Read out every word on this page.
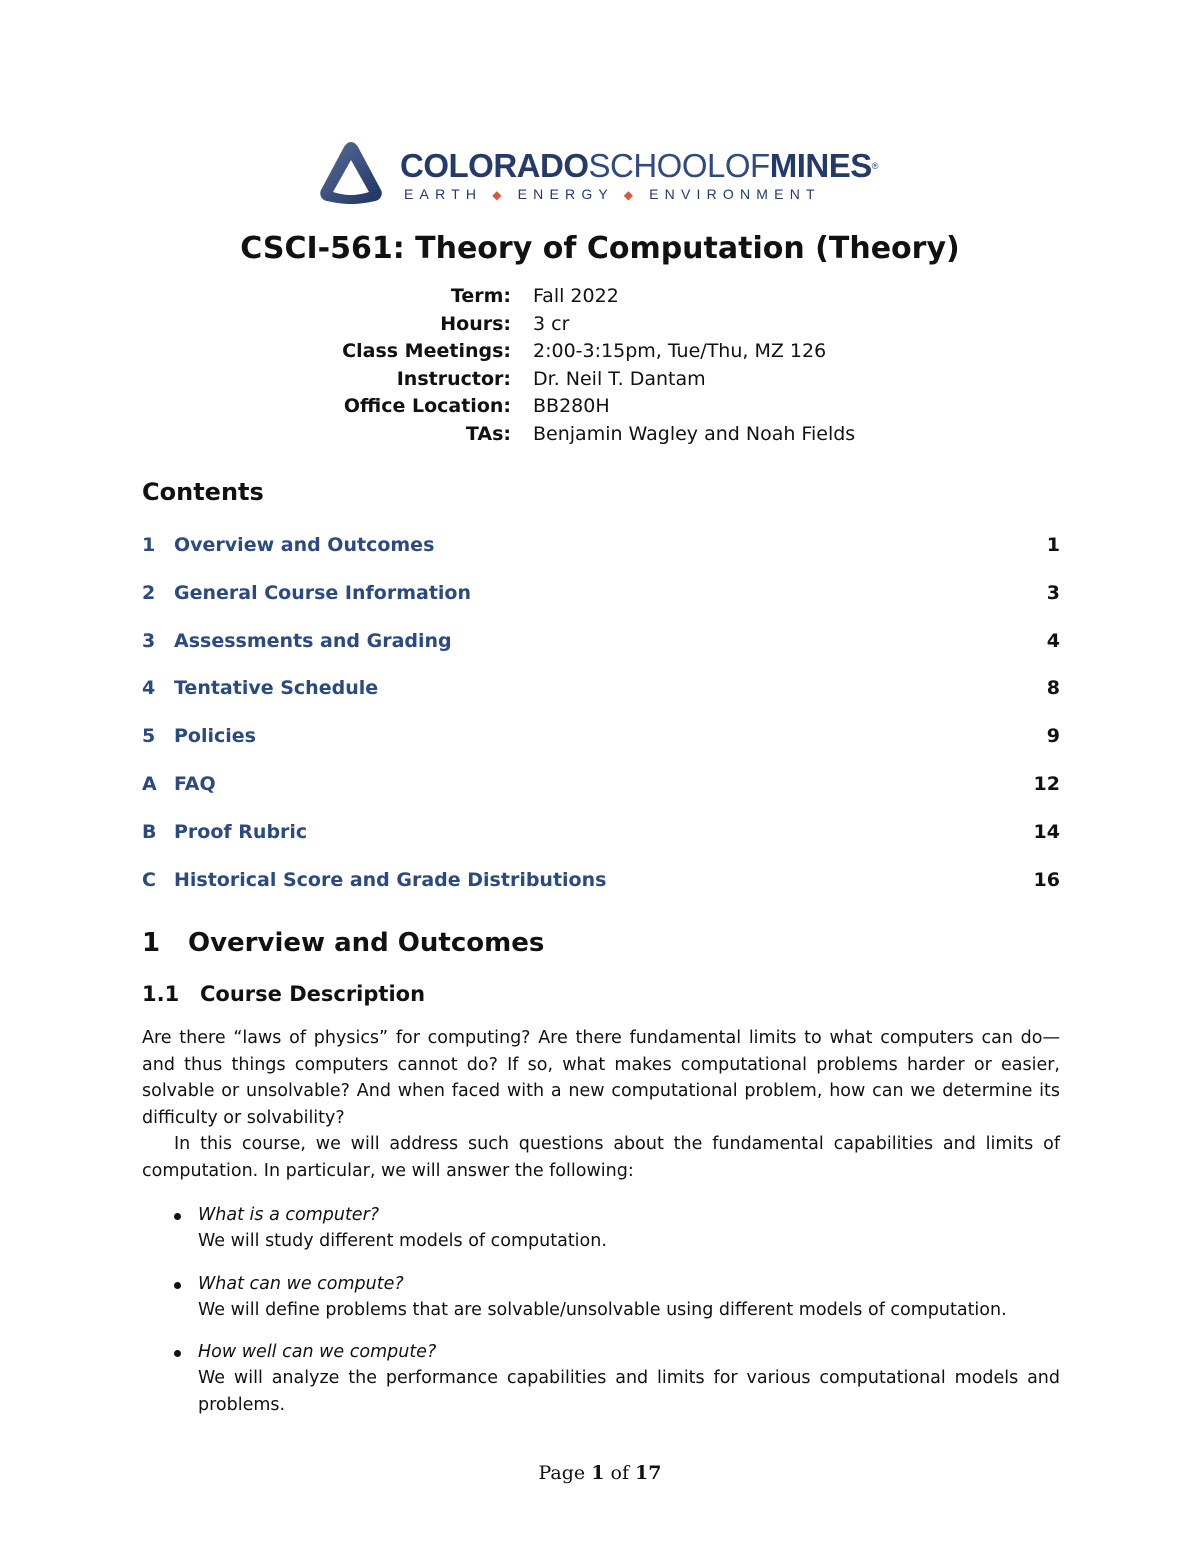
COLORADOSCHOOLOFMINES®
EARTH ◆ ENERGY ◆ ENVIRONMENT
CSCI-561: Theory of Computation (Theory)
Term: Fall 2022
Hours: 3 cr
Class Meetings: 2:00-3:15pm, Tue/Thu, MZ 126
Instructor: Dr. Neil T. Dantam
Office Location: BB280H
TAs: Benjamin Wagley and Noah Fields
Contents
1 Overview and Outcomes	1
2 General Course Information	3
3 Assessments and Grading	4
4 Tentative Schedule	8
5 Policies	9
A FAQ	12
B Proof Rubric	14
C Historical Score and Grade Distributions	16
1 Overview and Outcomes
1.1 Course Description
Are there “laws of physics” for computing? Are there fundamental limits to what computers can do—and thus things computers cannot do? If so, what makes computational problems harder or easier, solvable or unsolvable? And when faced with a new computational problem, how can we determine its difficulty or solvability?
In this course, we will address such questions about the fundamental capabilities and limits of computation. In particular, we will answer the following:
What is a computer?
We will study different models of computation.
What can we compute?
We will define problems that are solvable/unsolvable using different models of computation.
How well can we compute?
We will analyze the performance capabilities and limits for various computational models and problems.
Page 1 of 17
